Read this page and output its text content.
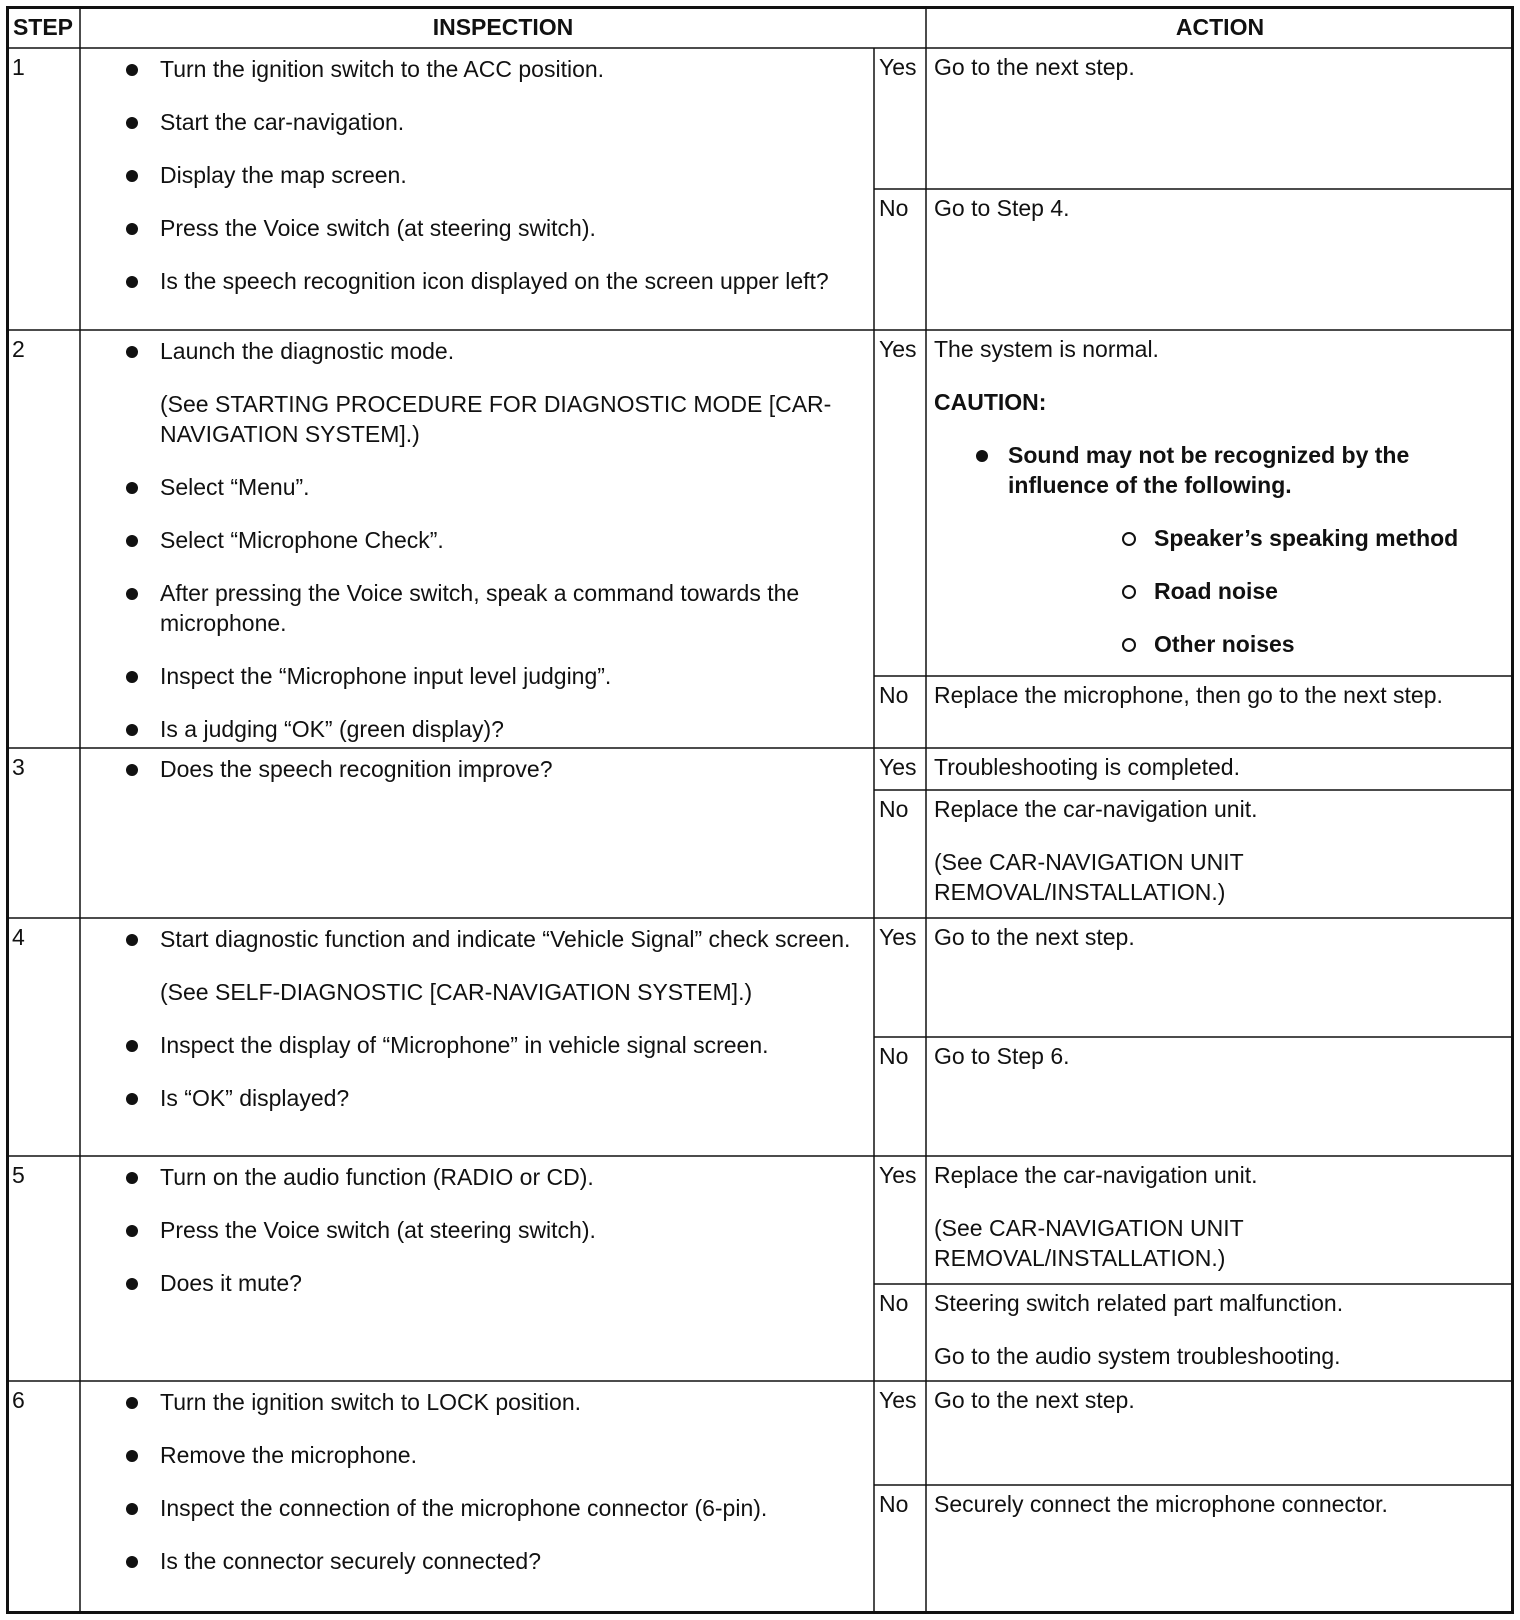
STEP	INSPECTION	ACTION
1	Turn the ignition switch to the ACC position.
Start the car-navigation.
Display the map screen.
Press the Voice switch (at steering switch).
Is the speech recognition icon displayed on the screen upper left?
Yes Go to the next step.
No	Go to Step 4.
2	Launch the diagnostic mode.
(See STARTING PROCEDURE FOR DIAGNOSTIC MODE [CAR-NAVIGATION SYSTEM].)
Select “Menu”.
Select “Microphone Check”.
After pressing the Voice switch, speak a command towards the microphone.
Inspect the “Microphone input level judging”.
Is a judging “OK” (green display)?
Yes The system is normal.
CAUTION:
Sound may not be recognized by the influence of the following.
Speaker’s speaking method
Road noise
Other noises
No	Replace the microphone, then go to the next step.
3	Does the speech recognition improve?	Yes Troubleshooting is completed.
No Replace the car-navigation unit.
(See CAR-NAVIGATION UNIT REMOVAL/INSTALLATION.)
4	Start diagnostic function and indicate “Vehicle Signal” check screen.
(See SELF-DIAGNOSTIC [CAR-NAVIGATION SYSTEM].)
Inspect the display of “Microphone” in vehicle signal screen.
Is “OK” displayed?
Yes Go to the next step.
No	Go to Step 6.
5	Turn on the audio function (RADIO or CD).
Press the Voice switch (at steering switch).
Does it mute?
Yes Replace the car-navigation unit.
(See CAR-NAVIGATION UNIT REMOVAL/INSTALLATION.)
No Steering switch related part malfunction.
Go to the audio system troubleshooting.
6	Turn the ignition switch to LOCK position.
Remove the microphone.
Inspect the connection of the microphone connector (6-pin).
Is the connector securely connected?
Yes Go to the next step.
No	Securely connect the microphone connector.
